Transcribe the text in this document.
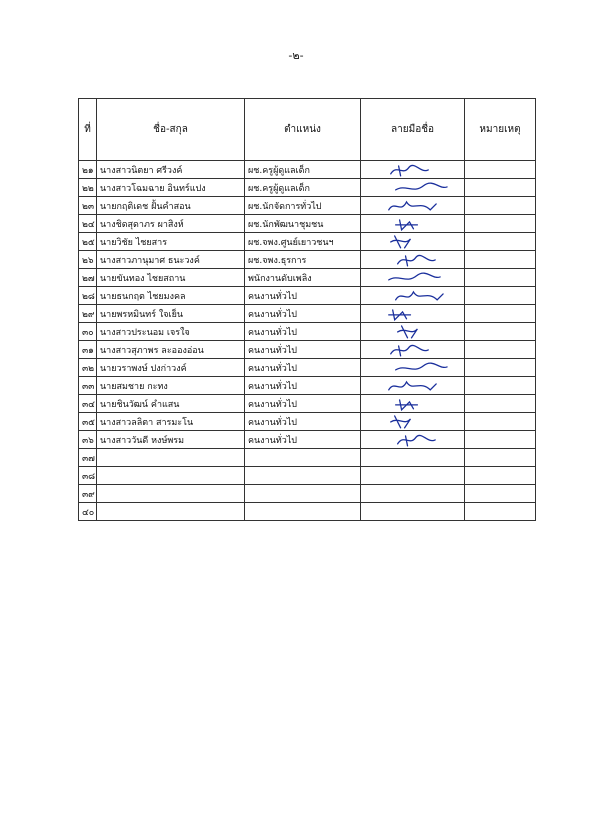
-๒-
ที่	ชื่อ-สกุล	ตำแหน่ง	ลายมือชื่อ	หมายเหตุ
๒๑	นางสาวนิตยา ศรีวงค์	ผช.ครูผู้ดูแลเด็ก	

๒๒	นางสาวโฉมฉาย อินทร์แปง	ผช.ครูผู้ดูแลเด็ก	

๒๓	นายกฤติเดช ฝั้นคำสอน	ผช.นักจัดการทั่วไป	

๒๔	นางชิดสุดาภร ผาสิงห์	ผช.นักพัฒนาชุมชน	

๒๕	นายวิชัย ไชยสาร	ผช.จพง.ศูนย์เยาวชนฯ	

๒๖	นางสาวภานุมาศ ธนะวงค์	ผช.จพง.ธุรการ	

๒๗	นายขันทอง ไชยสถาน	พนักงานดับเพลิง	

๒๘	นายธนกฤต ไชยมงคล	คนงานทั่วไป	

๒๙	นายพรหมินทร์ ใจเย็น	คนงานทั่วไป	

๓๐	นางสาวประนอม เจรใจ	คนงานทั่วไป	

๓๑	นางสาวสุภาพร ละอองอ่อน	คนงานทั่วไป	

๓๒	นายวราพงษ์ ปงก่าวงค์	คนงานทั่วไป	

๓๓	นายสมชาย กะทง	คนงานทั่วไป	

๓๔	นายชินวัฒน์ คำแสน	คนงานทั่วไป	

๓๕	นางสาวลลิตา สารมะโน	คนงานทั่วไป	

๓๖	นางสาววันดี หงษ์พรม	คนงานทั่วไป	

๓๗				
๓๘				
๓๙				
๔๐				
